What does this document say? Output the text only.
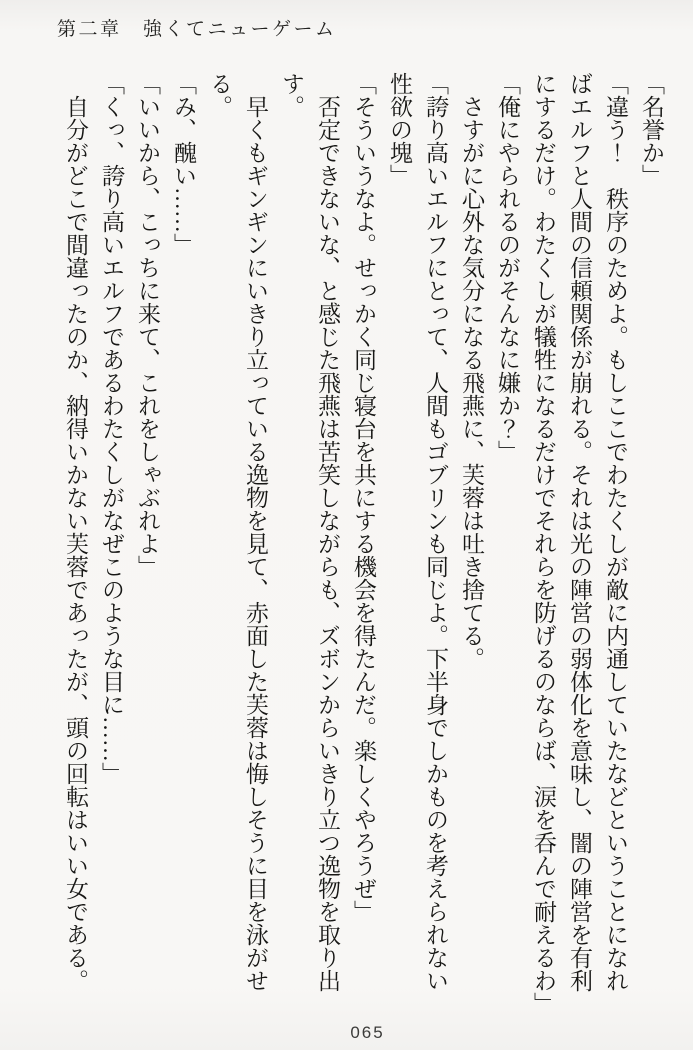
第二章　強くてニューゲーム

「名誉か」

「違う！　秩序のためよ。もしここでわたくしが敵に内通していたなどということになれ

ばエルフと人間の信頼関係が崩れる。それは光の陣営の弱体化を意味し、闇の陣営を有利

にするだけ。わたくしが犠牲になるだけでそれらを防げるのならば、涙を呑んで耐えるわ」

「俺にやられるのがそんなに嫌か？」

　さすがに心外な気分になる飛燕に、芙蓉は吐き捨てる。

「誇り高いエルフにとって、人間もゴブリンも同じよ。下半身でしかものを考えられない

性欲の塊」

「そういうなよ。せっかく同じ寝台を共にする機会を得たんだ。楽しくやろうぜ」

　否定できないな、と感じた飛燕は苦笑しながらも、ズボンからいきり立つ逸物を取り出

す。

　早くもギンギンにいきり立っている逸物を見て、赤面した芙蓉は悔しそうに目を泳がせ

る。

「み、醜い……」

「いいから、こっちに来て、これをしゃぶれよ」

「くっ、誇り高いエルフであるわたくしがなぜこのような目に……」

　自分がどこで間違ったのか、納得いかない芙蓉であったが、頭の回転はいい女である。

065
